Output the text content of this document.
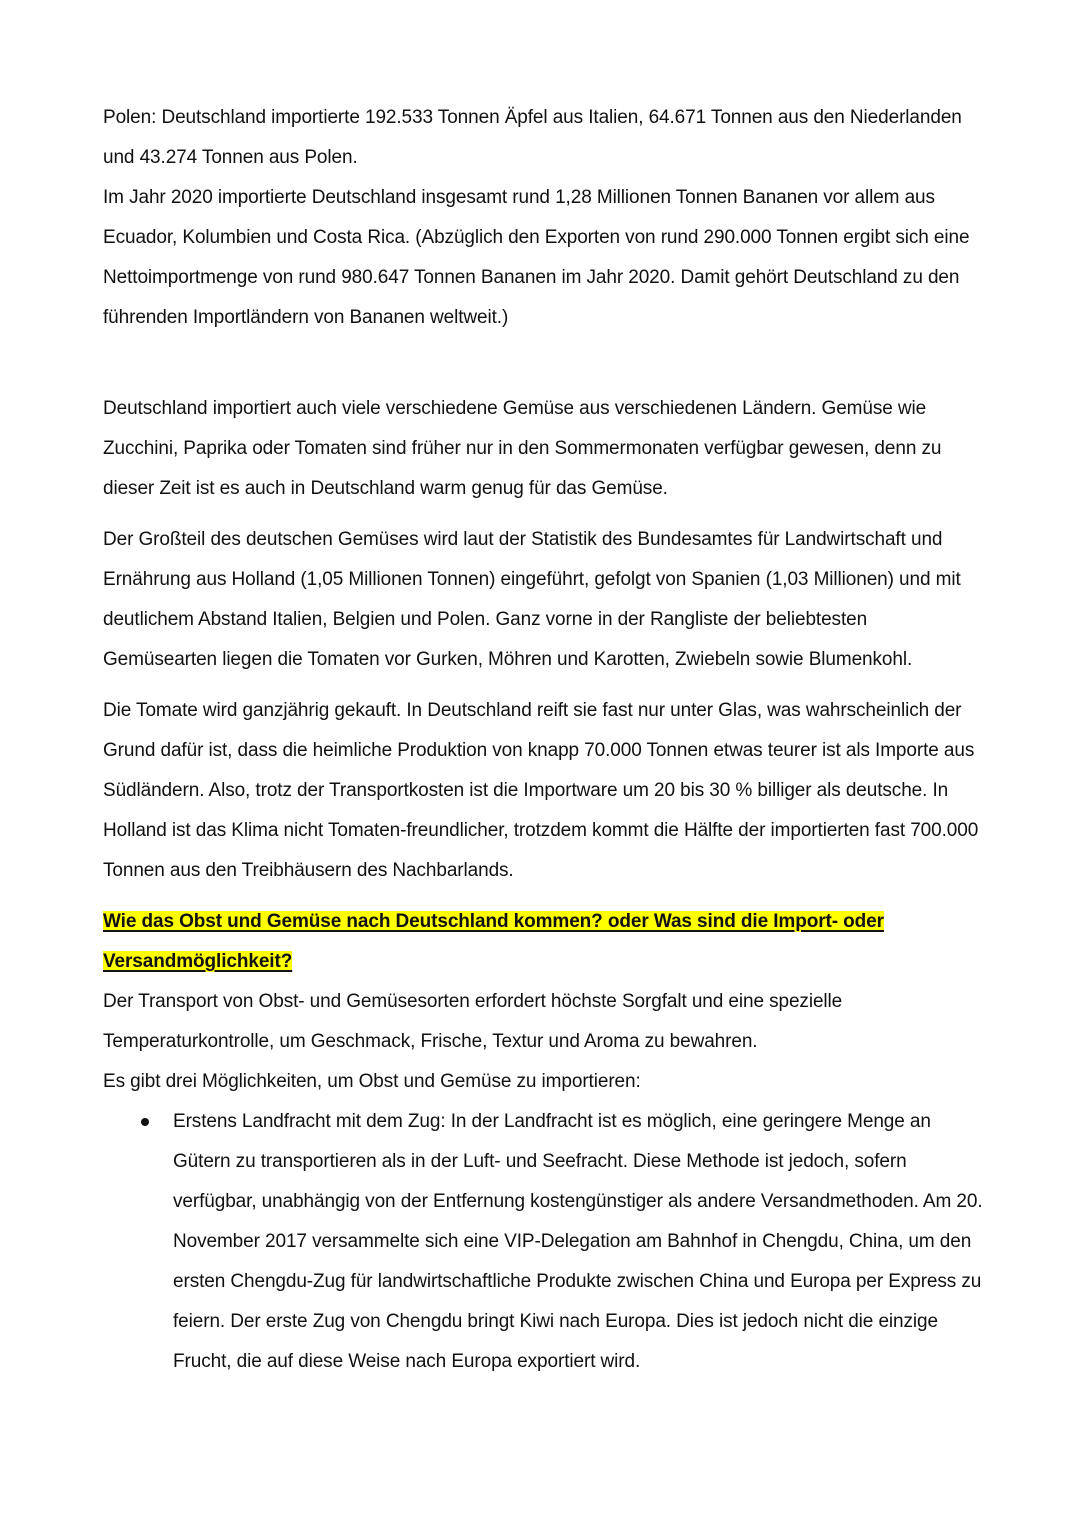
Polen: Deutschland importierte 192.533 Tonnen Äpfel aus Italien, 64.671 Tonnen aus den Niederlanden und 43.274 Tonnen aus Polen.

Im Jahr 2020 importierte Deutschland insgesamt rund 1,28 Millionen Tonnen Bananen vor allem aus Ecuador, Kolumbien und Costa Rica. (Abzüglich den Exporten von rund 290.000 Tonnen ergibt sich eine Nettoimportmenge von rund 980.647 Tonnen Bananen im Jahr 2020. Damit gehört Deutschland zu den führenden Importländern von Bananen weltweit.)

Deutschland importiert auch viele verschiedene Gemüse aus verschiedenen Ländern. Gemüse wie Zucchini, Paprika oder Tomaten sind früher nur in den Sommermonaten verfügbar gewesen, denn zu dieser Zeit ist es auch in Deutschland warm genug für das Gemüse.

Der Großteil des deutschen Gemüses wird laut der Statistik des Bundesamtes für Landwirtschaft und Ernährung aus Holland (1,05 Millionen Tonnen) eingeführt, gefolgt von Spanien (1,03 Millionen) und mit deutlichem Abstand Italien, Belgien und Polen. Ganz vorne in der Rangliste der beliebtesten Gemüsearten liegen die Tomaten vor Gurken, Möhren und Karotten, Zwiebeln sowie Blumenkohl.

Die Tomate wird ganzjährig gekauft. In Deutschland reift sie fast nur unter Glas, was wahrscheinlich der Grund dafür ist, dass die heimliche Produktion von knapp 70.000 Tonnen etwas teurer ist als Importe aus Südländern. Also, trotz der Transportkosten ist die Importware um 20 bis 30 % billiger als deutsche. In Holland ist das Klima nicht Tomaten-freundlicher, trotzdem kommt die Hälfte der importierten fast 700.000 Tonnen aus den Treibhäusern des Nachbarlands.

Wie das Obst und Gemüse nach Deutschland kommen? oder Was sind die Import- oder
Versandmöglichkeit?

Der Transport von Obst- und Gemüsesorten erfordert höchste Sorgfalt und eine spezielle Temperaturkontrolle, um Geschmack, Frische, Textur und Aroma zu bewahren.

Es gibt drei Möglichkeiten, um Obst und Gemüse zu importieren:

Erstens Landfracht mit dem Zug: In der Landfracht ist es möglich, eine geringere Menge an Gütern zu transportieren als in der Luft- und Seefracht. Diese Methode ist jedoch, sofern verfügbar, unabhängig von der Entfernung kostengünstiger als andere Versandmethoden. Am 20. November 2017 versammelte sich eine VIP-Delegation am Bahnhof in Chengdu, China, um den ersten Chengdu-Zug für landwirtschaftliche Produkte zwischen China und Europa per Express zu feiern. Der erste Zug von Chengdu bringt Kiwi nach Europa. Dies ist jedoch nicht die einzige Frucht, die auf diese Weise nach Europa exportiert wird.
